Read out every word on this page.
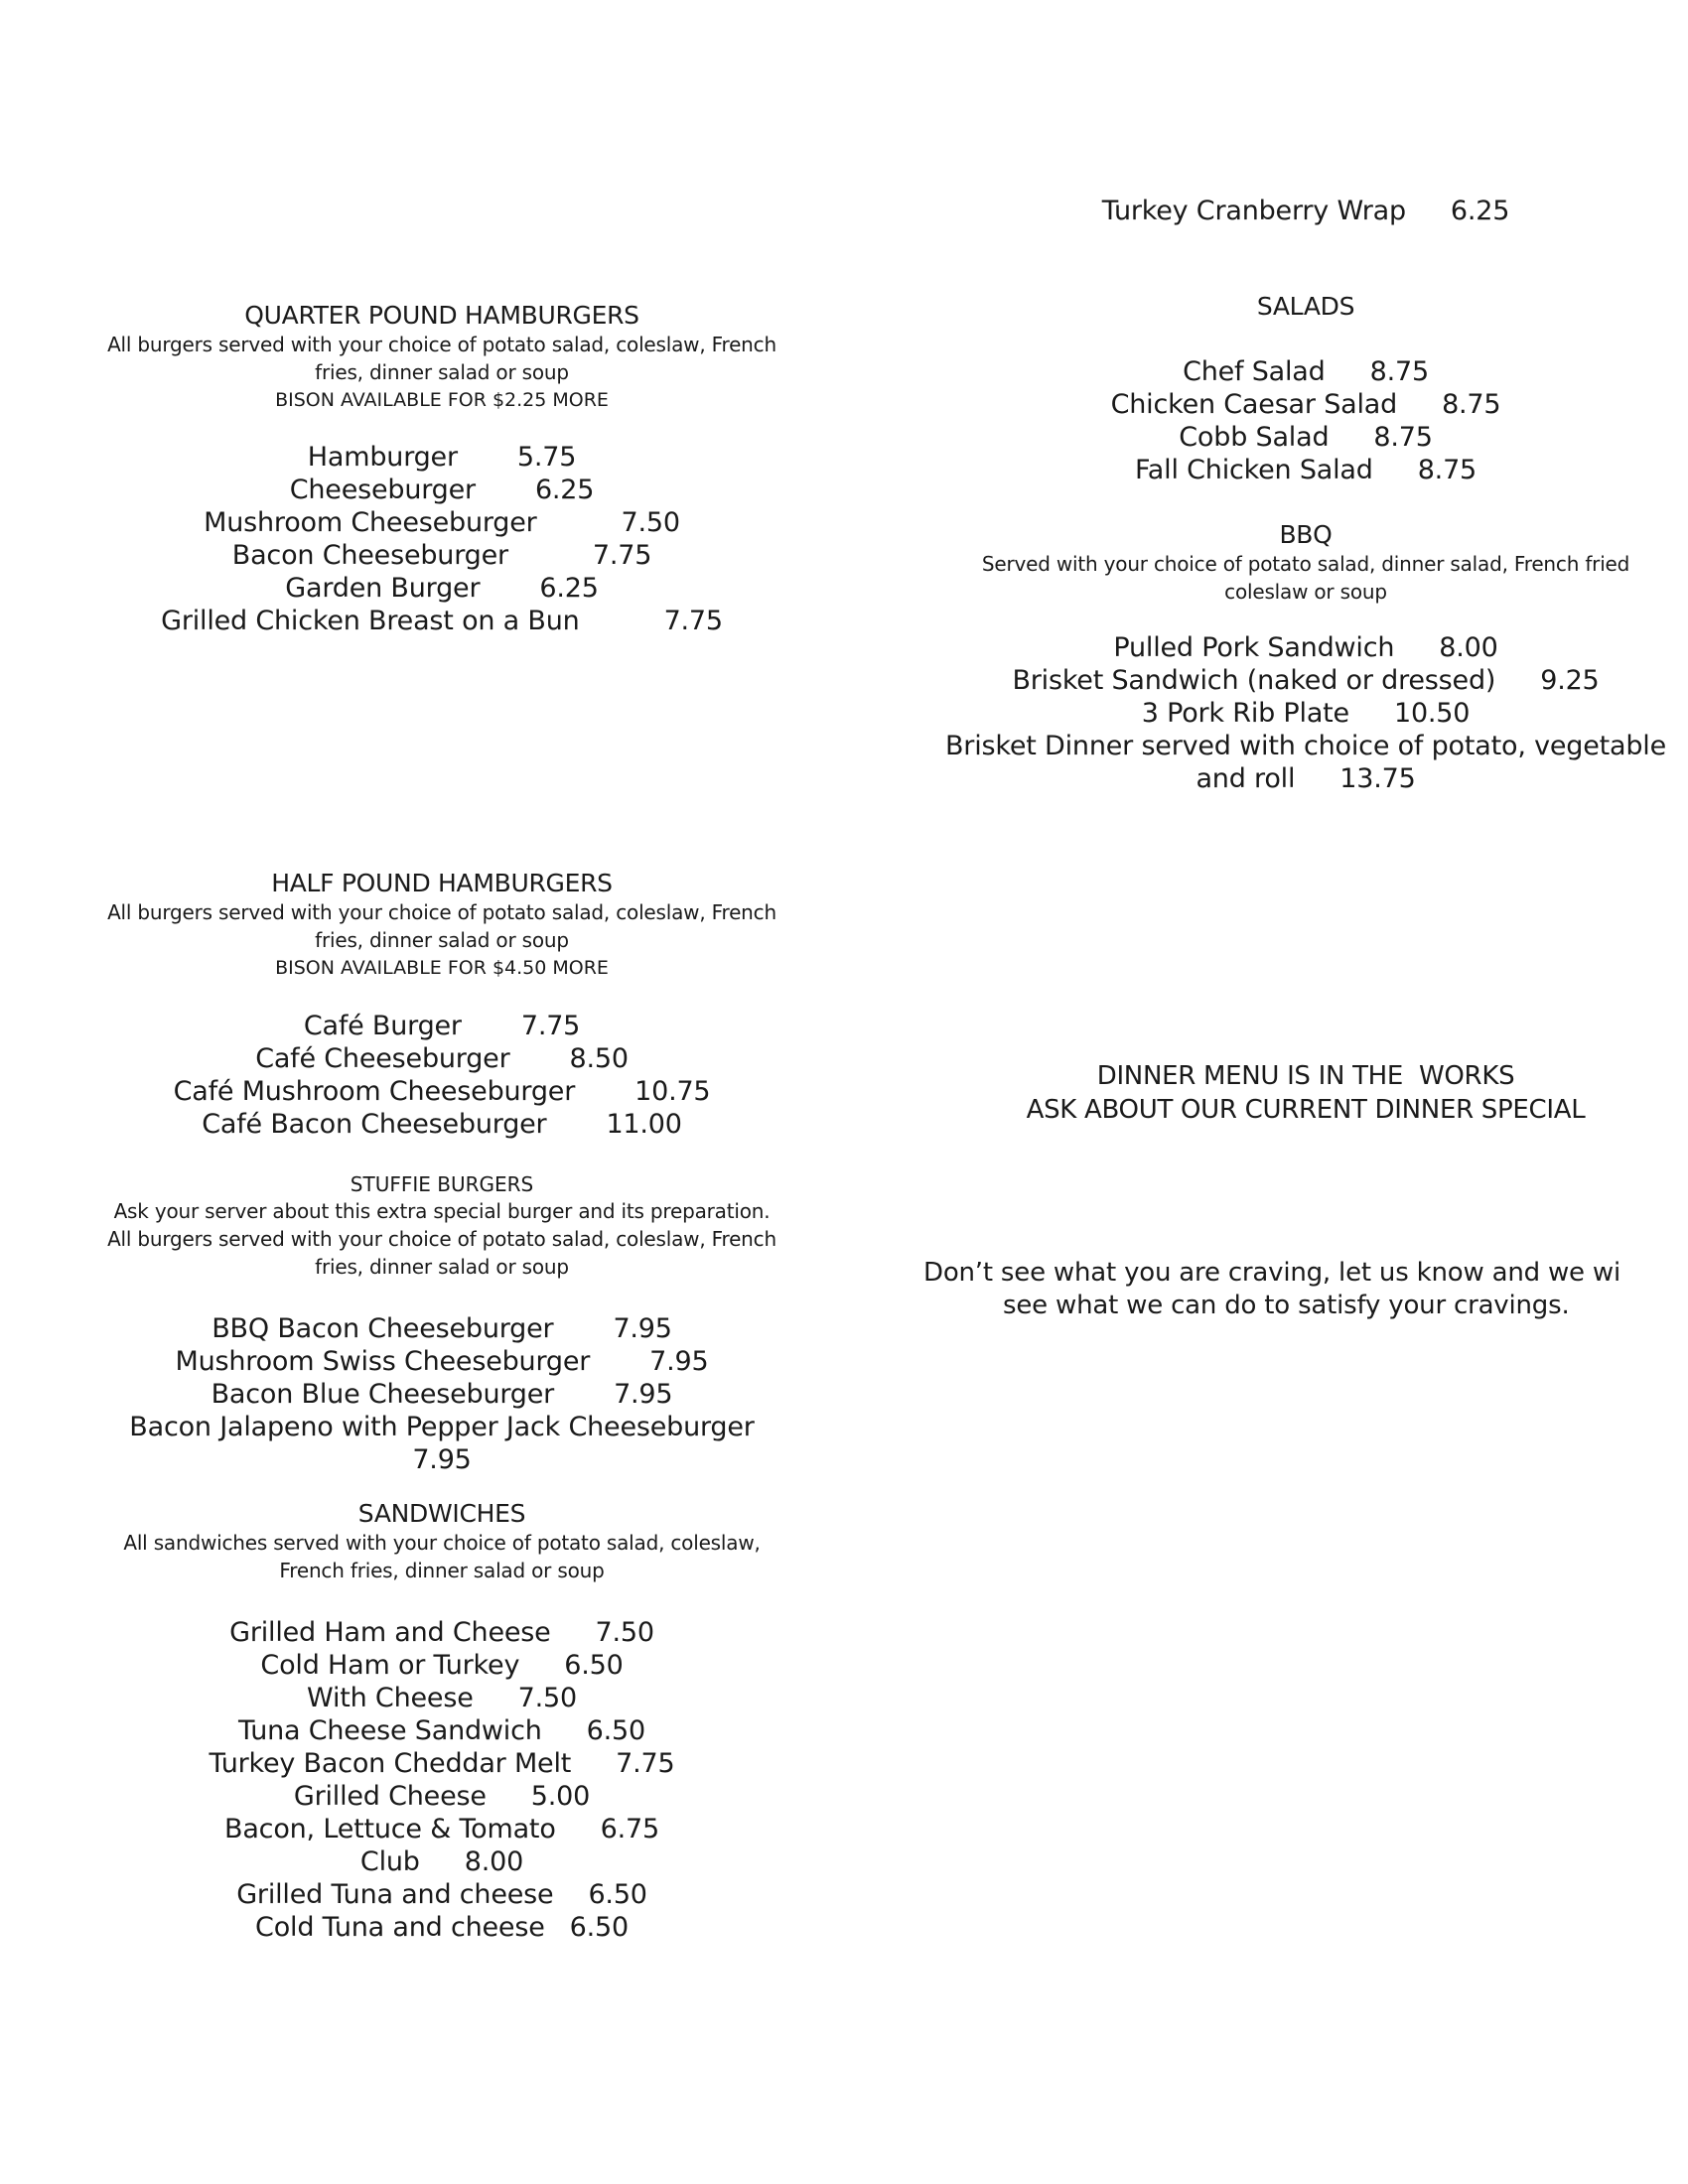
QUARTER POUND HAMBURGERS
All burgers served with your choice of potato salad, coleslaw, French
fries, dinner salad or soup
BISON AVAILABLE FOR $2.25 MORE
Hamburger 5.75
Cheeseburger 6.25
Mushroom Cheeseburger	7.50
Bacon Cheeseburger	7.75
Garden Burger 6.25
Grilled Chicken Breast on a Bun	7.75
HALF POUND HAMBURGERS
All burgers served with your choice of potato salad, coleslaw, French
fries, dinner salad or soup
BISON AVAILABLE FOR $4.50 MORE
Café Burger 7.75
Café Cheeseburger 8.50
Café Mushroom Cheeseburger 10.75
Café Bacon Cheeseburger 11.00
STUFFIE BURGERS
Ask your server about this extra special burger and its preparation.
All burgers served with your choice of potato salad, coleslaw, French
fries, dinner salad or soup
BBQ Bacon Cheeseburger 7.95
Mushroom Swiss Cheeseburger 7.95
Bacon Blue Cheeseburger 7.95
Bacon Jalapeno with Pepper Jack Cheeseburger
7.95
SANDWICHES
All sandwiches served with your choice of potato salad, coleslaw,
French fries, dinner salad or soup
Grilled Ham and Cheese 7.50
Cold Ham or Turkey 6.50
With Cheese 7.50
Tuna Cheese Sandwich 6.50
Turkey Bacon Cheddar Melt 7.75
Grilled Cheese 5.00
Bacon, Lettuce & Tomato 6.75
Club 8.00
Grilled Tuna and cheese 6.50
Cold Tuna and cheese 6.50
Turkey Cranberry Wrap 6.25
SALADS
Chef Salad 8.75
Chicken Caesar Salad 8.75
Cobb Salad 8.75
Fall Chicken Salad 8.75
BBQ
Served with your choice of potato salad, dinner salad, French fried
coleslaw or soup
Pulled Pork Sandwich 8.00
Brisket Sandwich (naked or dressed) 9.25
3 Pork Rib Plate 10.50
Brisket Dinner served with choice of potato, vegetable
and roll 13.75
DINNER MENU IS IN THE  WORKS
ASK ABOUT OUR CURRENT DINNER SPECIAL
Don’t see what you are craving, let us know and we wi
see what we can do to satisfy your cravings.
